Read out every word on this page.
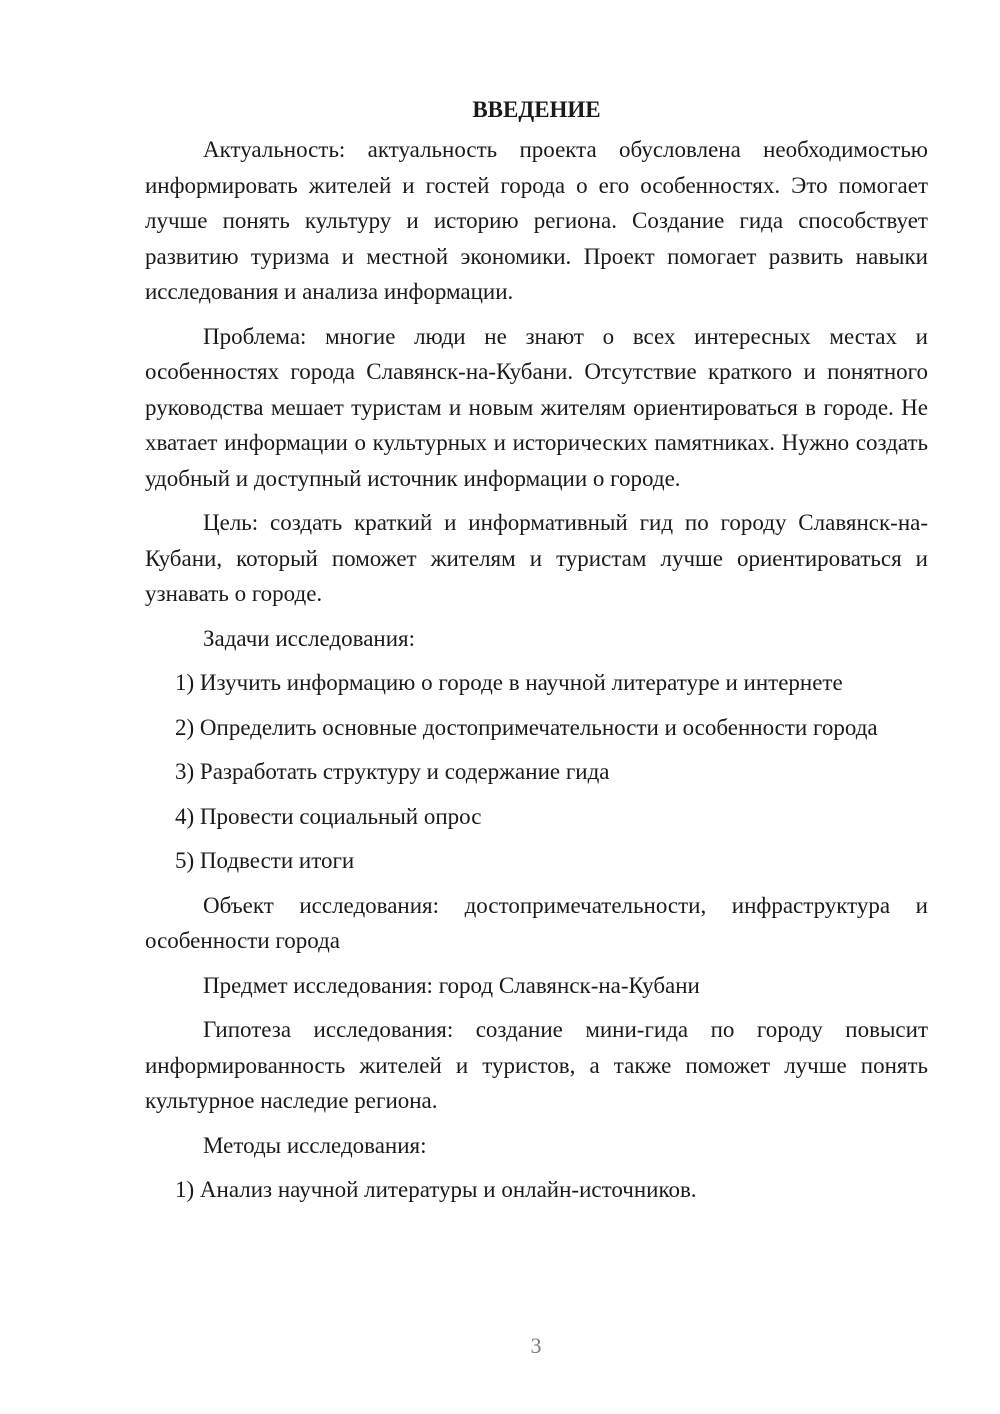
ВВЕДЕНИЕ

Актуальность: актуальность проекта обусловлена необходимостью информировать жителей и гостей города о его особенностях. Это помогает лучше понять культуру и историю региона. Создание гида способствует развитию туризма и местной экономики. Проект помогает развить навыки исследования и анализа информации.

Проблема: многие люди не знают о всех интересных местах и особенностях города Славянск-на-Кубани. Отсутствие краткого и понятного руководства мешает туристам и новым жителям ориентироваться в городе. Не хватает информации о культурных и исторических памятниках. Нужно создать удобный и доступный источник информации о городе.

Цель: создать краткий и информативный гид по городу Славянск-на-Кубани, который поможет жителям и туристам лучше ориентироваться и узнавать о городе.

Задачи исследования:

1) Изучить информацию о городе в научной литературе и интернете

2) Определить основные достопримечательности и особенности города

3) Разработать структуру и содержание гида

4) Провести социальный опрос

5) Подвести итоги

Объект исследования: достопримечательности, инфраструктура и особенности города

Предмет исследования: город Славянск-на-Кубани

Гипотеза исследования: создание мини-гида по городу повысит информированность жителей и туристов, а также поможет лучше понять культурное наследие региона.

Методы исследования:

1) Анализ научной литературы и онлайн-источников.

3
